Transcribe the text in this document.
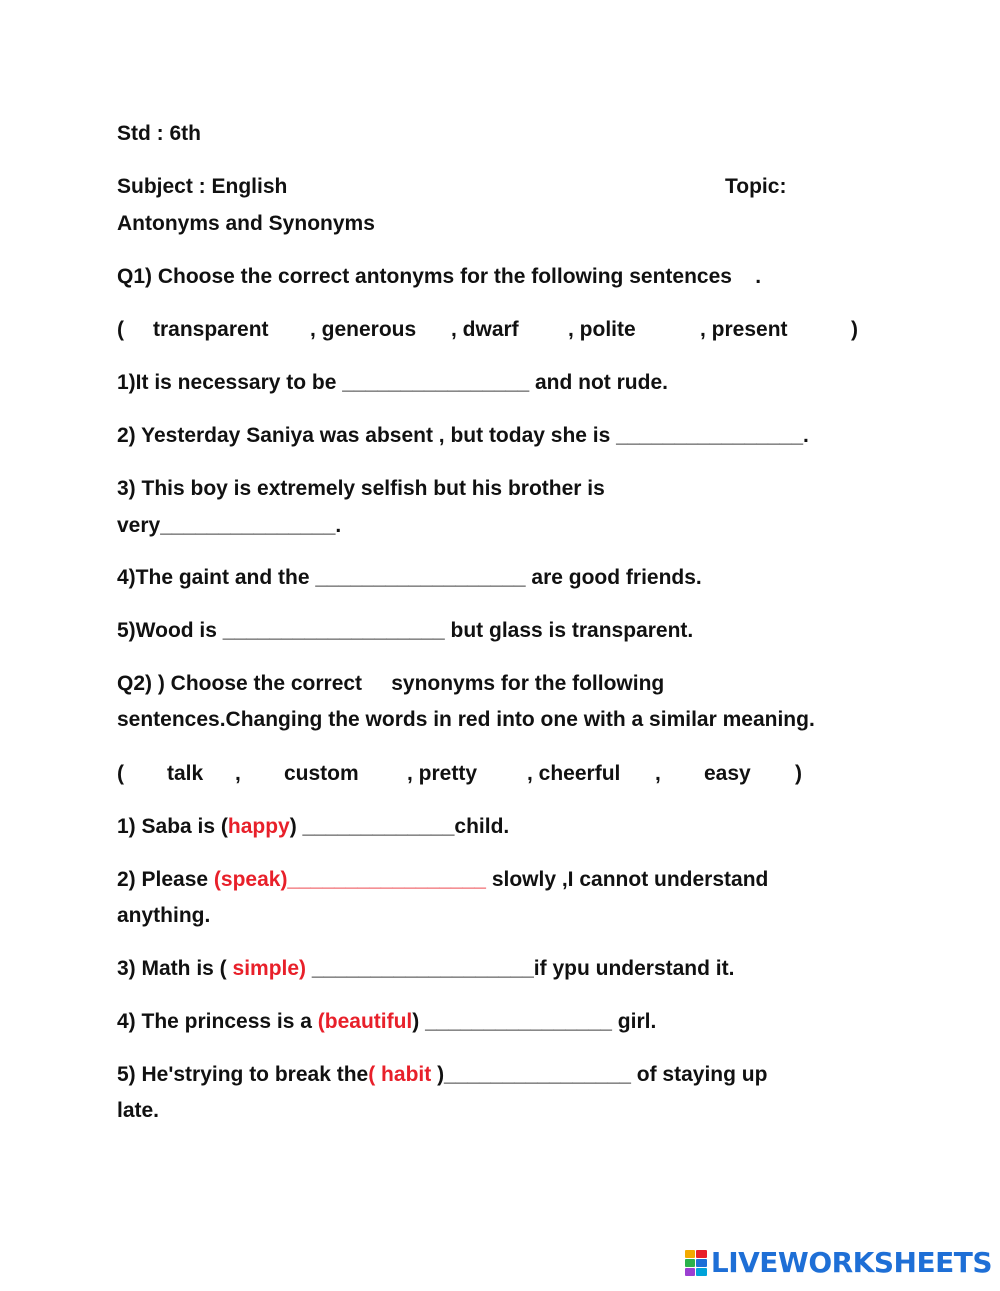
Std : 6th
Subject : English	Topic:
Antonyms and Synonyms
Q1) Choose the correct antonyms for the following sentences    .
( transparent , generous , dwarf , polite	, present	)
1)It is necessary to be ________________ and not rude.
2) Yesterday Saniya was absent , but today she is ________________.
3) This boy is extremely selfish but his brother is
very_______________.
4)The gaint and the __________________ are good friends.
5)Wood is ___________________ but glass is transparent.
Q2) ) Choose the correct     synonyms for the following
sentences.Changing the words in red into one with a similar meaning.
( talk , custom , pretty , cheerful , easy )
1) Saba is (happy) _____________child.
2) Please (speak)_________________ slowly ,I cannot understand
anything.
3) Math is ( simple) ___________________if ypu understand it.
4) The princess is a (beautiful) ________________ girl.
5) He'strying to break the( habit )________________ of staying up
late.
LIVEWORKSHEETS
